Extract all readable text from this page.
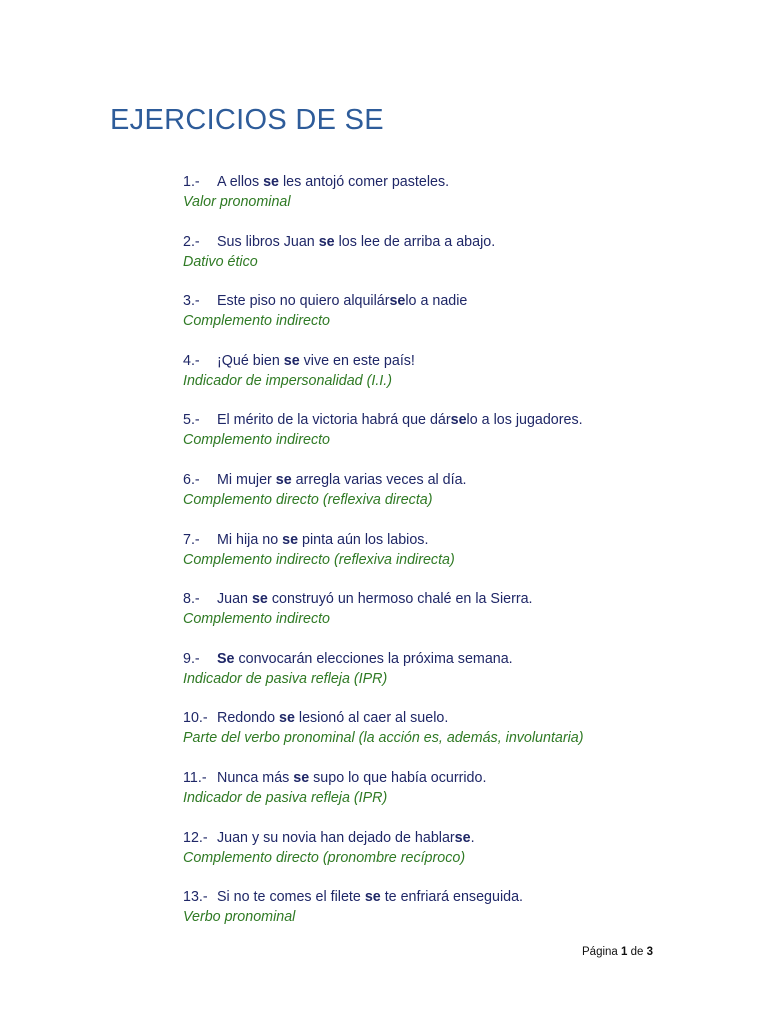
EJERCICIOS DE SE
1.- A ellos se les antojó comer pasteles.
Valor pronominal
2.- Sus libros Juan se los lee de arriba a abajo.
Dativo ético
3.- Este piso no quiero alquilárselo a nadie
Complemento indirecto
4.- ¡Qué bien se vive en este país!
Indicador de impersonalidad (I.I.)
5.- El mérito de la victoria habrá que dárselo a los jugadores.
Complemento indirecto
6.- Mi mujer se arregla varias veces al día.
Complemento directo (reflexiva directa)
7.- Mi hija no se pinta aún los labios.
Complemento indirecto (reflexiva indirecta)
8.- Juan se construyó un hermoso chalé en la Sierra.
Complemento indirecto
9.- Se convocarán elecciones la próxima semana.
Indicador de pasiva refleja (IPR)
10.- Redondo se lesionó al caer al suelo.
Parte del verbo pronominal (la acción es, además, involuntaria)
11.- Nunca más se supo lo que había ocurrido.
Indicador de pasiva refleja (IPR)
12.- Juan y su novia han dejado de hablarse.
Complemento directo (pronombre recíproco)
13.- Si no te comes el filete se te enfriará enseguida.
Verbo pronominal
Página 1 de 3
